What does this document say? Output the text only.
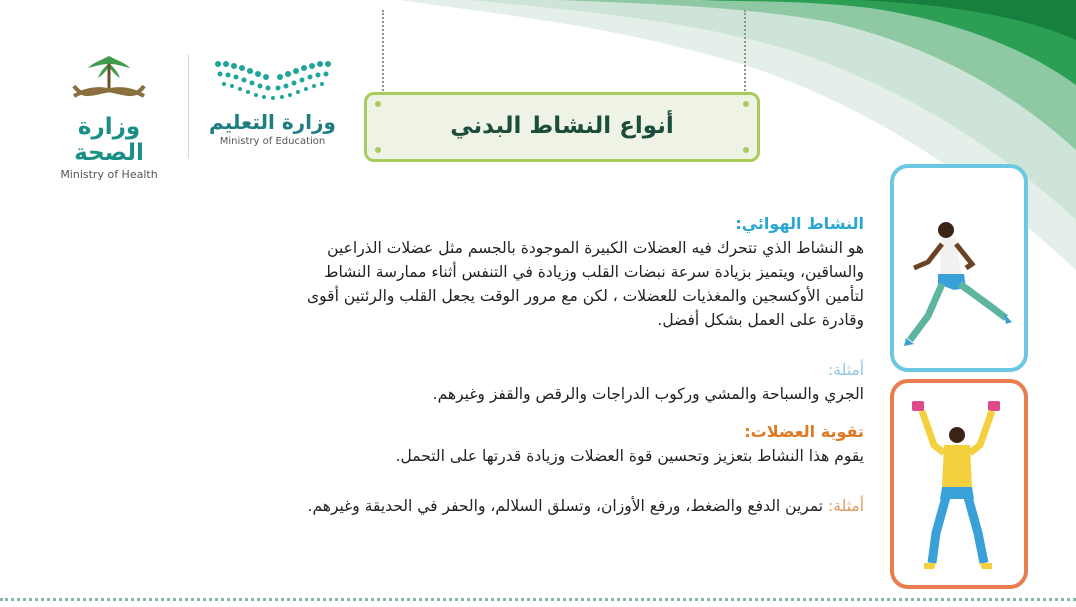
وزارة الصحة
Ministry of Health
وزارة التعليم
Ministry of Education
أنواع النشاط البدني

النشاط الهوائي:

هو النشاط الذي تتحرك فيه العضلات الكبيرة الموجودة بالجسم مثل عضلات الذراعين

والساقين، ويتميز بزيادة سرعة نبضات القلب وزيادة في التنفس أثناء ممارسة النشاط

لتأمين الأوكسجين والمغذيات للعضلات ، لكن مع مرور الوقت يجعل القلب والرئتين أقوى

وقادرة على العمل بشكل أفضل.

أمثلة:

الجري والسباحة والمشي وركوب الدراجات والرقص والقفز وغيرهم.

تقوية العضلات:

يقوم هذا النشاط بتعزيز وتحسين قوة العضلات وزيادة قدرتها على التحمل.

أمثلة: تمرين الدفع والضغط، ورفع الأوزان، وتسلق السلالم، والحفر في الحديقة وغيرهم.
